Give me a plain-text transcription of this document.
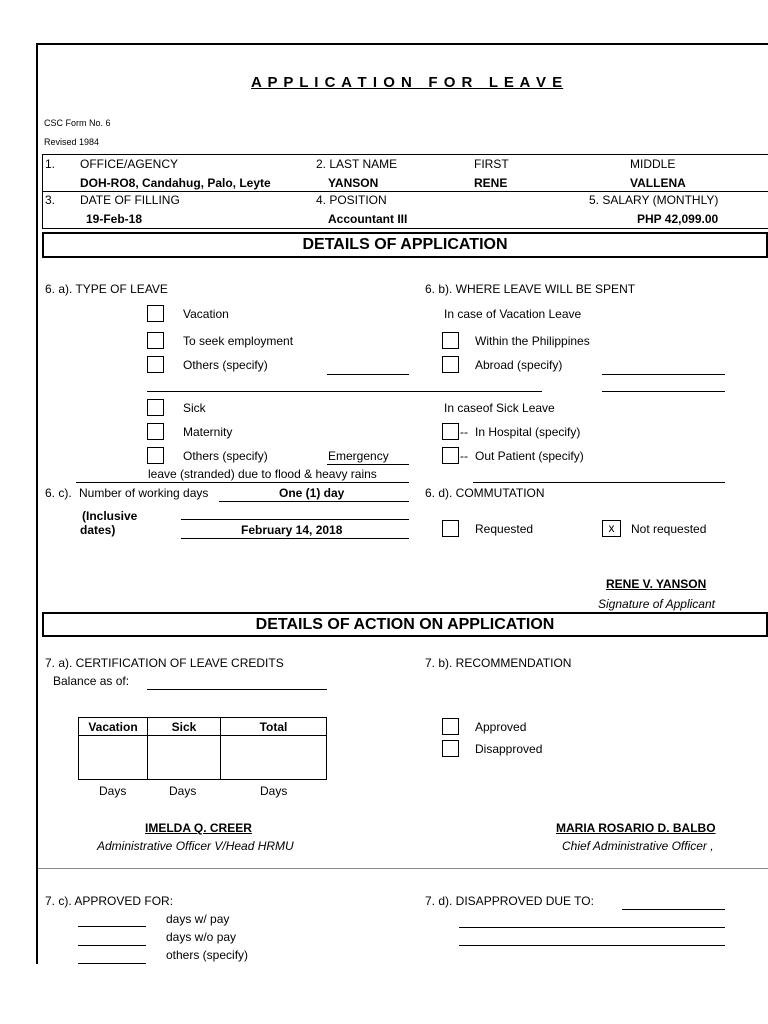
A P P L I C A T I O N   F O R   L E A V E
CSC Form No. 6
Revised 1984
1. OFFICE/AGENCY
DOH-RO8, Candahug, Palo, Leyte
2. LAST NAME
YANSON
FIRST
RENE
MIDDLE
VALLENA
3. DATE OF FILLING
19-Feb-18
4. POSITION
Accountant III
5. SALARY (MONTHLY)
PHP 42,099.00
DETAILS OF APPLICATION
6. a). TYPE OF LEAVE
Vacation
To seek employment
Others (specify)
Sick
Maternity
Others (specify)	Emergency
leave (stranded) due to flood & heavy rains
6. b). WHERE LEAVE WILL BE SPENT
In case of Vacation Leave
Within the Philippines
Abroad (specify)
In caseof Sick Leave
-- In Hospital (specify)
-- Out Patient (specify)
6. c). Number of working days	One (1) day
(Inclusive
dates)	February 14, 2018
6. d). COMMUTATION
Requested	x	Not requested
RENE V. YANSON
Signature of Applicant
DETAILS OF ACTION ON APPLICATION
7. a). CERTIFICATION OF LEAVE CREDITS
Balance as of:
Vacation	Sick	Total

Days	Days	Days
7. b). RECOMMENDATION
Approved
Disapproved
IMELDA Q. CREER
Administrative Officer V/Head HRMU
MARIA ROSARIO D. BALBO
Chief Administrative Officer ,
7. c). APPROVED FOR:
days w/ pay
days w/o pay
others (specify)
7. d). DISAPPROVED DUE TO:
